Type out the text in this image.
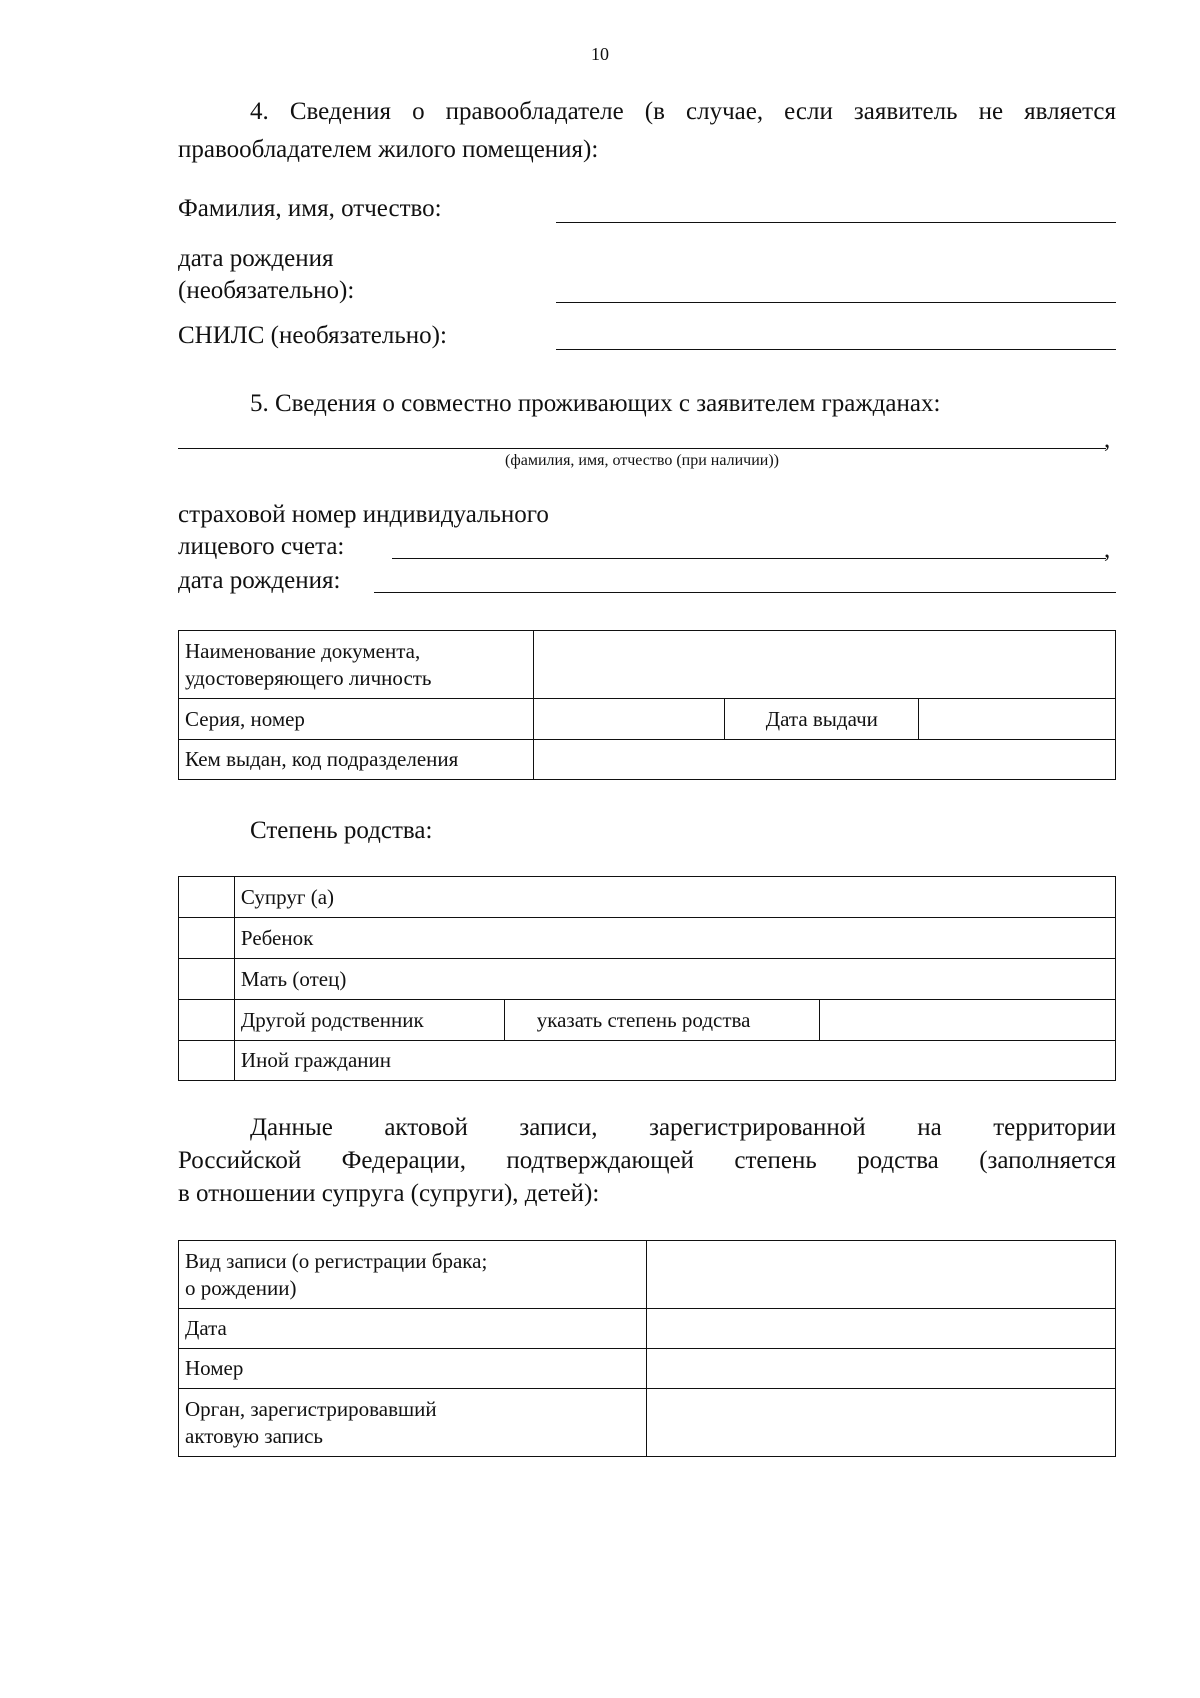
10
4. Сведения о правообладателе (в случае, если заявитель не является
правообладателем жилого помещения):
Фамилия, имя, отчество:
дата рождения
(необязательно):
СНИЛС (необязательно):
5. Сведения о совместно проживающих с заявителем гражданах:
,
(фамилия, имя, отчество (при наличии))
страховой номер индивидуального
лицевого счета:	,
дата рождения:
Наименование документа,
удостоверяющего личность			

Серия, номер		Дата выдачи	
Кем выдан, код подразделения			
Степень родства:
	Супруг (а)		
	Ребенок		
	Мать (отец)		
	Другой родственник	указать степень родства	
	Иной гражданин		
Данные актовой записи, зарегистрированной на территории
Российской Федерации, подтверждающей степень родства (заполняется
в отношении супруга (супруги), детей):
Вид записи (о регистрации брака;
о рождении)	

Дата	
Номер	

Орган, зарегистрировавший
актовую запись	
